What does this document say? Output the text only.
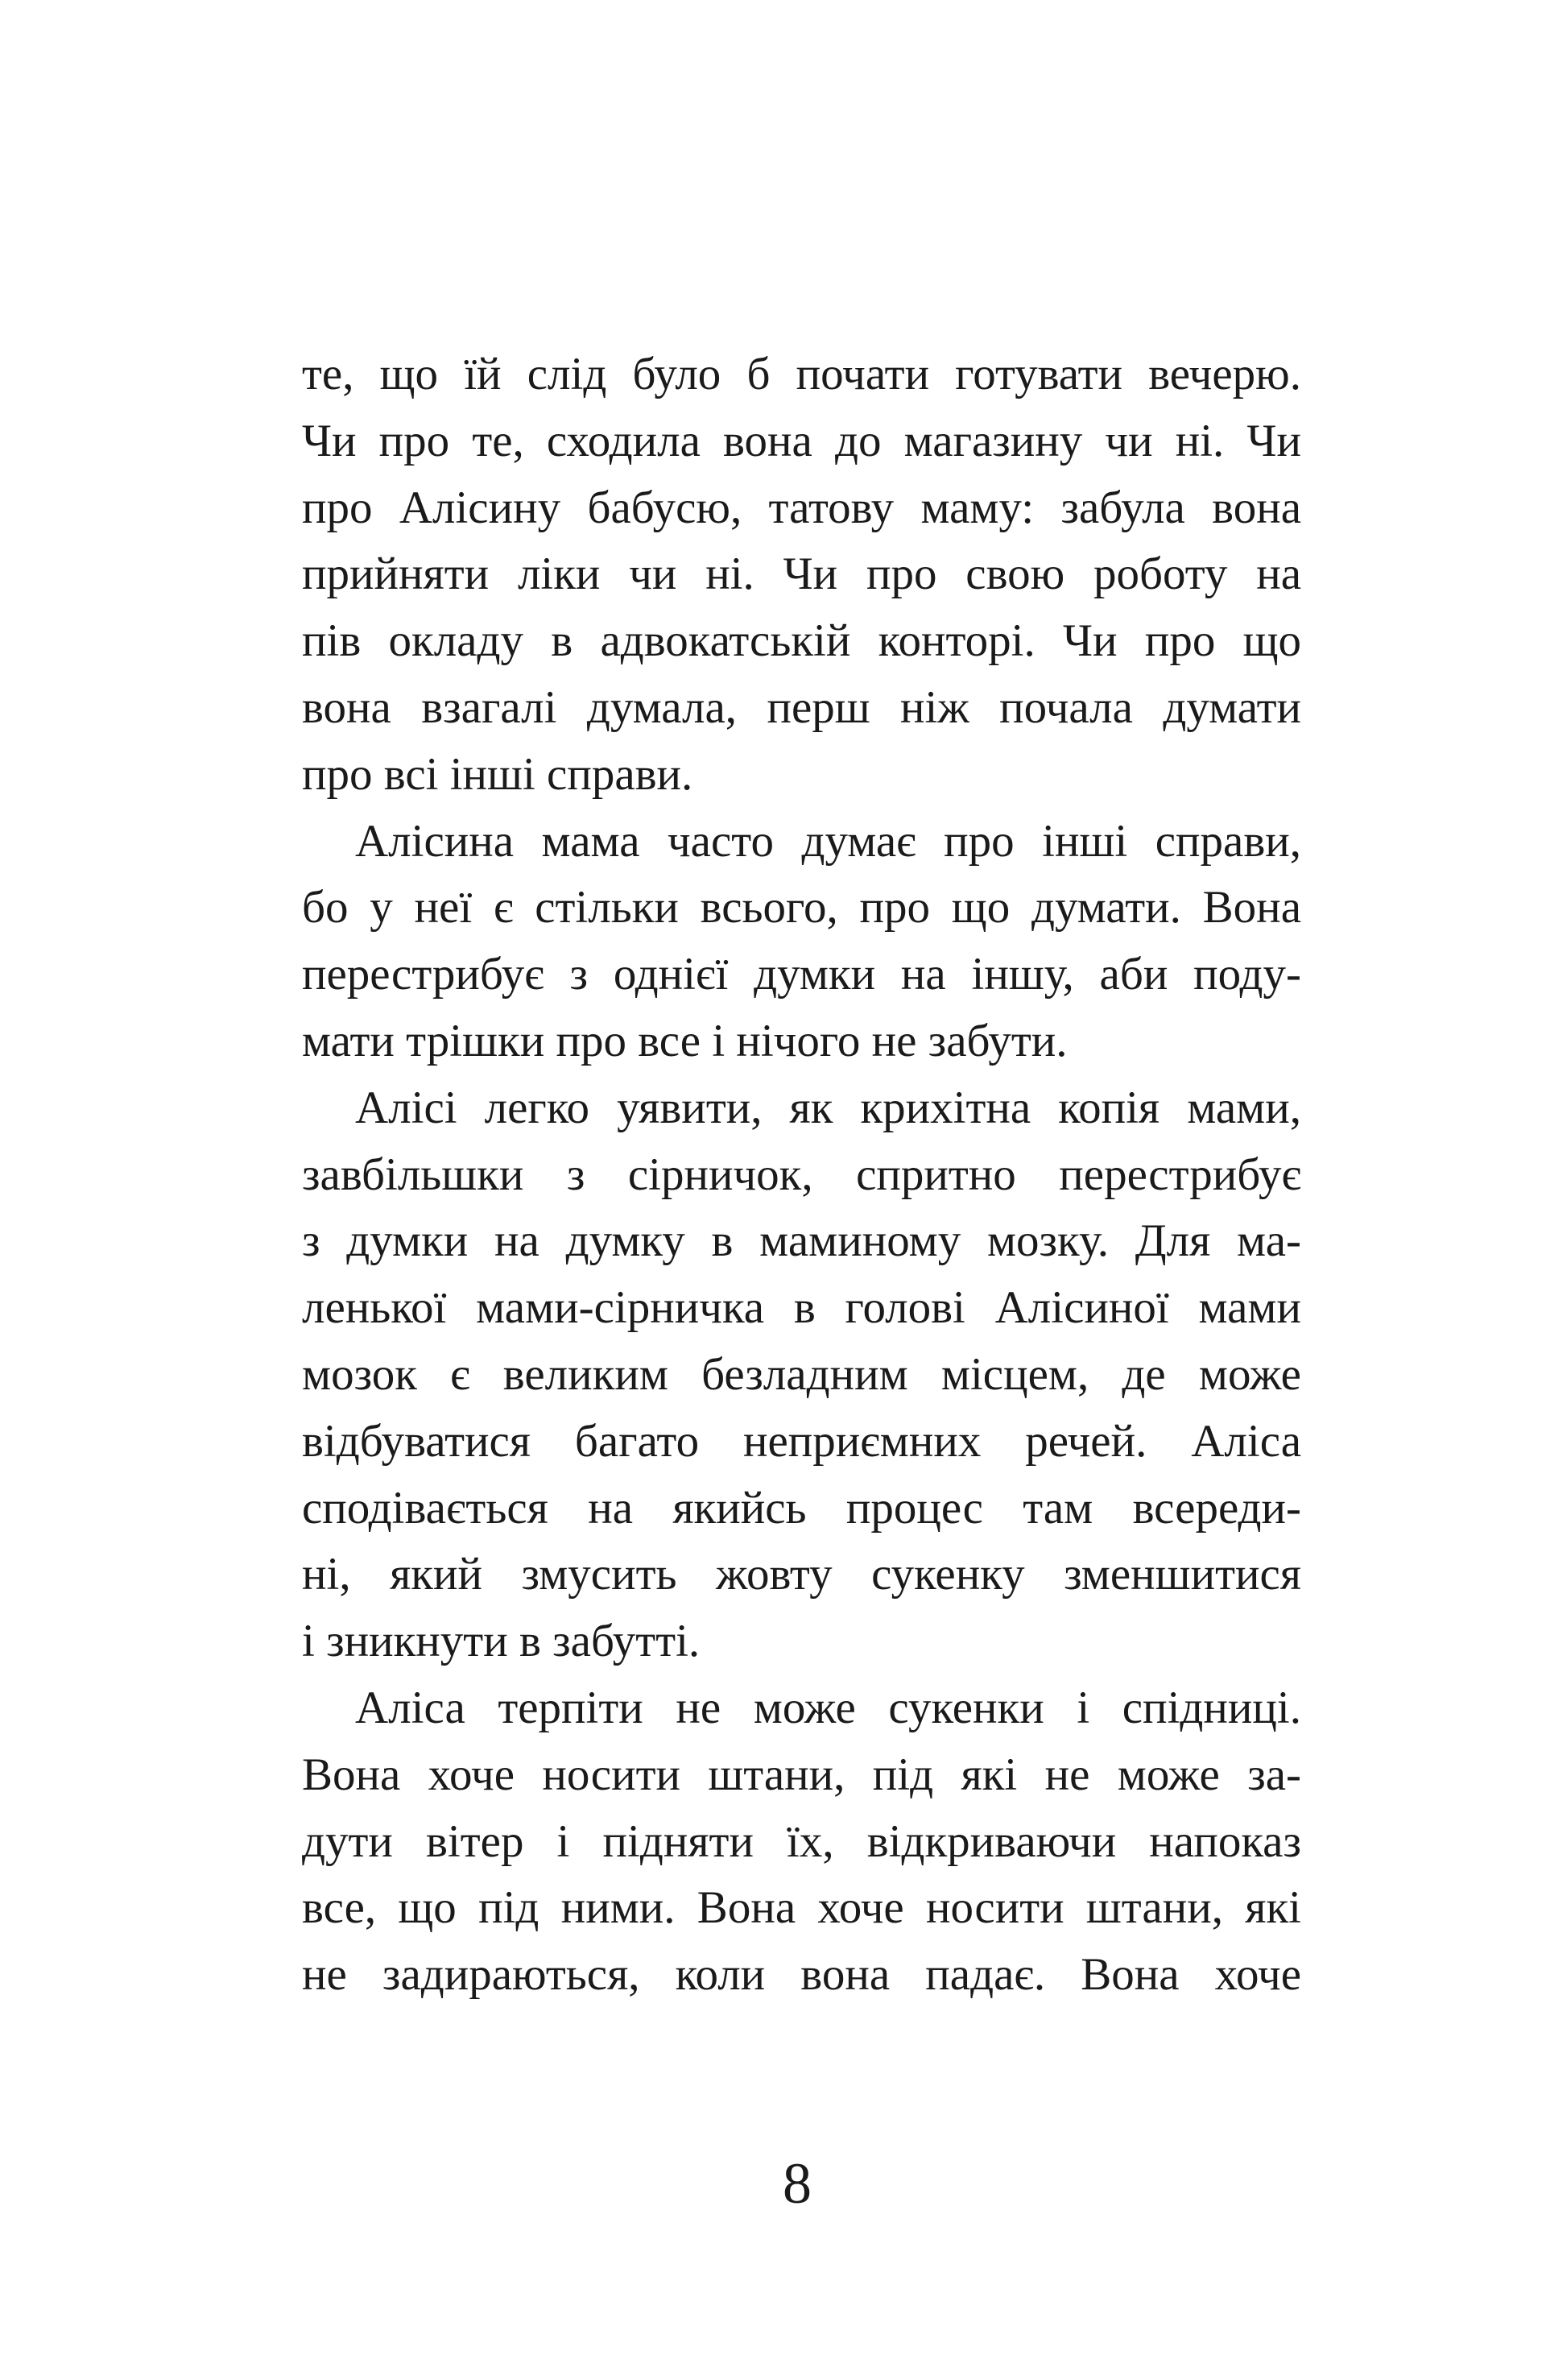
те, що їй слід було б почати готувати вечерю.
Чи про те, сходила вона до магазину чи ні. Чи
про Алісину бабусю, татову маму: забула вона
прийняти ліки чи ні. Чи про свою роботу на
пів окладу в адвокатській конторі. Чи про що
вона взагалі думала, перш ніж почала думати
про всі інші справи.
Алісина мама часто думає про інші справи,
бо у неї є стільки всього, про що думати. Вона
перестрибує з однієї думки на іншу, аби поду-
мати трішки про все і нічого не забути.
Алісі легко уявити, як крихітна копія мами,
завбільшки з сірничок, спритно перестрибує
з думки на думку в маминому мозку. Для ма-
ленької мами-сірничка в голові Алісиної мами
мозок є великим безладним місцем, де може
відбуватися багато неприємних речей. Аліса
сподівається на якийсь процес там всереди-
ні, який змусить жовту сукенку зменшитися
і зникнути в забутті.
Аліса терпіти не може сукенки і спідниці.
Вона хоче носити штани, під які не може за-
дути вітер і підняти їх, відкриваючи напоказ
все, що під ними. Вона хоче носити штани, які
не задираються, коли вона падає. Вона хоче
8
